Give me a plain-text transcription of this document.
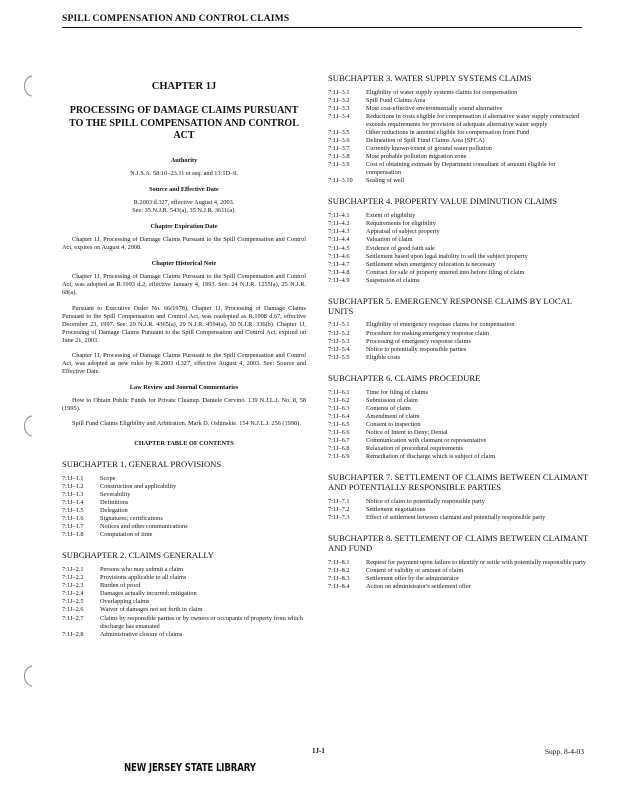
SPILL COMPENSATION AND CONTROL CLAIMS
CHAPTER 1J
PROCESSING OF DAMAGE CLAIMS PURSUANT TO THE SPILL COMPENSATION AND CONTROL ACT
Authority

N.J.S.A. 58:10–23.11 et seq. and 13:1D–9.

Source and Effective Date

R.2003 d.327, effective August 4, 2003.

See: 35 N.J.R. 543(a), 35 N.J.R. 3611(a).

Chapter Expiration Date

Chapter 1J, Processing of Damage Claims Pursuant to the Spill Compensation and Control Act, expires on August 4, 2008.

Chapter Historical Note

Chapter 1J, Processing of Damage Claims Pursuant to the Spill Compensation and Control Act, was adopted as R.1993 d.2, effective January 4, 1993. See: 24 N.J.R. 1255(a), 25 N.J.R. 68(a).

Pursuant to Executive Order No. 66(1978), Chapter 1J, Processing of Damage Claims Pursuant to the Spill Compensation and Control Act, was readopted as R.1998 d.67, effective December 23, 1997. See: 29 N.J.R. 4365(a), 29 N.J.R. 4594(a), 30 N.J.R. 336(b). Chapter 1J, Processing of Damage Claims Pursuant to the Spill Compensation and Control Act, expired on June 21, 2003.

Chapter 1J, Processing of Damage Claims Pursuant to the Spill Compensation and Control Act, was adopted as new rules by R.2003 d.327, effective August 4, 2003. See: Source and Effective Date.

Law Review and Journal Commentaries

How to Obtain Public Funds for Private Cleanup. Daniele Cervino. 139 N.J.L.J. No. 8, 58 (1995).

Spill Fund Claims Eligibility and Arbitration. Mark D. Oshinskie. 154 N.J.L.J. 256 (1998).

CHAPTER TABLE OF CONTENTS
SUBCHAPTER 1. GENERAL PROVISIONS
7:1J–1.1	Scope
7:1J–1.2	Construction and applicability
7:1J–1.3	Severability
7:1J–1.4	Definitions
7:1J–1.5	Delegation
7:1J–1.6	Signatures; certifications
7:1J–1.7	Notices and other communications
7:1J–1.8	Computation of time
SUBCHAPTER 2. CLAIMS GENERALLY
7:1J–2.1	Persons who may submit a claim
7:1J–2.2	Provisions applicable to all claims
7:1J–2.3	Burden of proof
7:1J–2.4	Damages actually incurred; mitigation
7:1J–2.5	Overlapping claims
7:1J–2.6	Waiver of damages not set forth in claim
7:1J–2.7	Claims by responsible parties or by owners or occupants of property from which discharge has emanated
7:1J–2.8	Administrative closure of claims
SUBCHAPTER 3. WATER SUPPLY SYSTEMS CLAIMS
7:1J–3.1	Eligibility of water supply systems claims for compensation
7:1J–3.2	Spill Fund Claims Area
7:1J–3.3	Most cost-effective environmentally sound alternative
7:1J–3.4	Reductions in costs eligible for compensation if alternative water supply constructed exceeds requirements for provision of adequate alternative water supply
7:1J–3.5	Other reductions in amount eligible for compensation from Fund
7:1J–3.6	Delineation of Spill Fund Claims Area (SFCA)
7:1J–3.7	Currently known extent of ground water pollution
7:1J–3.8	Most probable pollution migration zone
7:1J–3.9	Cost of obtaining estimate by Department consultant of amount eligible for compensation
7:1J–3.10	Sealing of well
SUBCHAPTER 4. PROPERTY VALUE DIMINUTION CLAIMS
7:1J–4.1	Extent of eligibility
7:1J–4.2	Requirements for eligibility
7:1J–4.3	Appraisal of subject property
7:1J–4.4	Valuation of claim
7:1J–4.5	Evidence of good faith sale
7:1J–4.6	Settlement based upon legal inability to sell the subject property
7:1J–4.7	Settlement when emergency relocation is necessary
7:1J–4.8	Contract for sale of property entered into before filing of claim
7:1J–4.9	Suspension of claims
SUBCHAPTER 5. EMERGENCY RESPONSE CLAIMS BY LOCAL UNITS
7:1J–5.1	Eligibility of emergency response claims for compensation
7:1J–5.2	Procedure for making emergency response claim
7:1J–5.3	Processing of emergency response claims
7:1J–5.4	Notice to potentially responsible parties
7:1J–5.5	Eligible costs
SUBCHAPTER 6. CLAIMS PROCEDURE
7:1J–6.1	Time for filing of claims
7:1J–6.2	Submission of claim
7:1J–6.3	Contents of claim
7:1J–6.4	Amendment of claim
7:1J–6.5	Consent to inspection
7:1J–6.6	Notice of Intent to Deny; Denial
7:1J–6.7	Communication with claimant or representative
7:1J–6.8	Relaxation of procedural requirements
7:1J–6.9	Remediation of discharge which is subject of claim
SUBCHAPTER 7. SETTLEMENT OF CLAIMS BETWEEN CLAIMANT AND POTENTIALLY RESPONSIBLE PARTIES
7:1J–7.1	Notice of claim to potentially responsible party
7:1J–7.2	Settlement negotiations
7:1J–7.3	Effect of settlement between claimant and potentially responsible party
SUBCHAPTER 8. SETTLEMENT OF CLAIMS BETWEEN CLAIMANT AND FUND
7:1J–8.1	Request for payment upon failure to identify or settle with potentially responsible party
7:1J–8.2	Content of validity or amount of claim
7:1J–8.3	Settlement offer by the administrator
7:1J–8.4	Action on administrator's settlement offer
1J-1	Supp. 8-4-03
NEW JERSEY STATE LIBRARY
